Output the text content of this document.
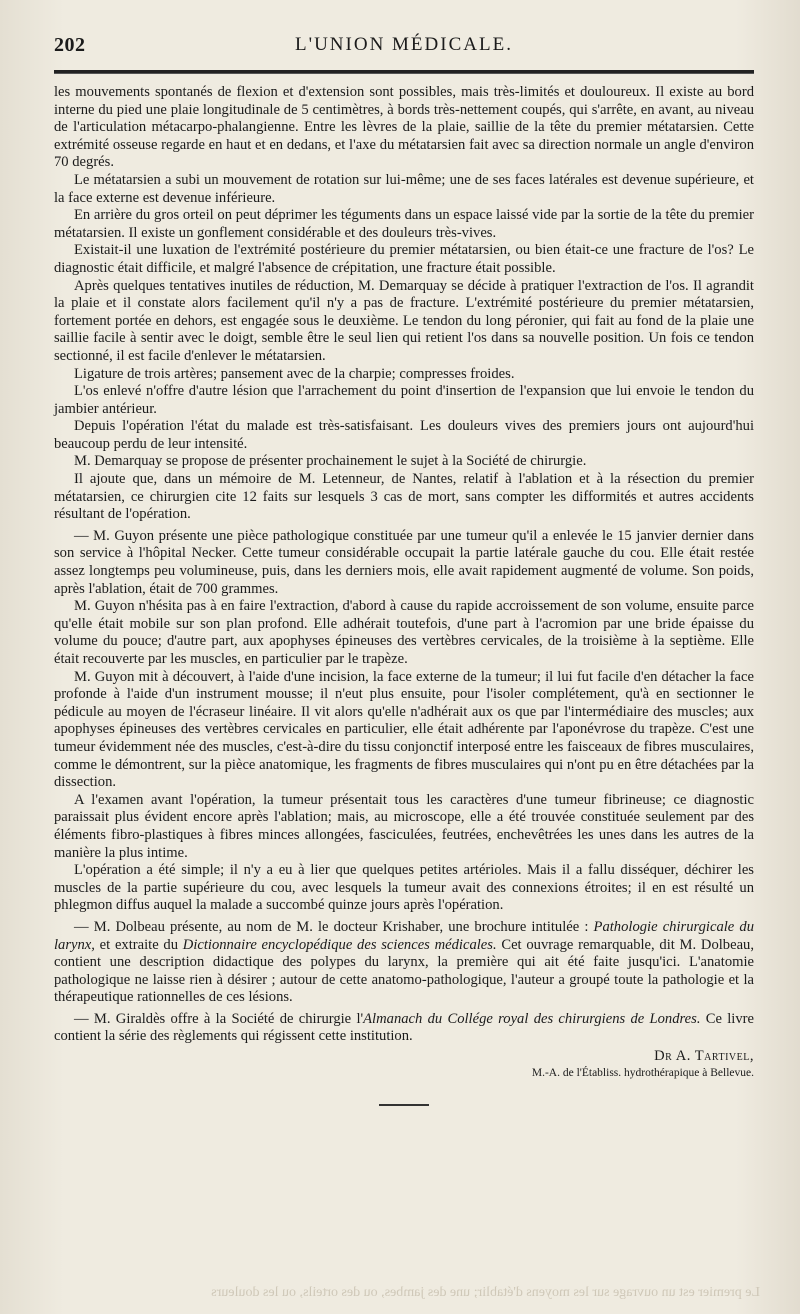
202	L'UNION MÉDICALE.

les mouvements spontanés de flexion et d'extension sont possibles, mais très-limités et douloureux. Il existe au bord interne du pied une plaie longitudinale de 5 centimètres, à bords très-nettement coupés, qui s'arrête, en avant, au niveau de l'articulation métacarpo-phalangienne. Entre les lèvres de la plaie, saillie de la tête du premier métatarsien. Cette extrémité osseuse regarde en haut et en dedans, et l'axe du métatarsien fait avec sa direction normale un angle d'environ 70 degrés.

Le métatarsien a subi un mouvement de rotation sur lui-même; une de ses faces latérales est devenue supérieure, et la face externe est devenue inférieure.

En arrière du gros orteil on peut déprimer les téguments dans un espace laissé vide par la sortie de la tête du premier métatarsien. Il existe un gonflement considérable et des douleurs très-vives.

Existait-il une luxation de l'extrémité postérieure du premier métatarsien, ou bien était-ce une fracture de l'os? Le diagnostic était difficile, et malgré l'absence de crépitation, une fracture était possible.

Après quelques tentatives inutiles de réduction, M. Demarquay se décide à pratiquer l'extraction de l'os. Il agrandit la plaie et il constate alors facilement qu'il n'y a pas de fracture. L'extrémité postérieure du premier métatarsien, fortement portée en dehors, est engagée sous le deuxième. Le tendon du long péronier, qui fait au fond de la plaie une saillie facile à sentir avec le doigt, semble être le seul lien qui retient l'os dans sa nouvelle position. Un fois ce tendon sectionné, il est facile d'enlever le métatarsien.

Ligature de trois artères; pansement avec de la charpie; compresses froides.

L'os enlevé n'offre d'autre lésion que l'arrachement du point d'insertion de l'expansion que lui envoie le tendon du jambier antérieur.

Depuis l'opération l'état du malade est très-satisfaisant. Les douleurs vives des premiers jours ont aujourd'hui beaucoup perdu de leur intensité.

M. Demarquay se propose de présenter prochainement le sujet à la Société de chirurgie.

Il ajoute que, dans un mémoire de M. Letenneur, de Nantes, relatif à l'ablation et à la résection du premier métatarsien, ce chirurgien cite 12 faits sur lesquels 3 cas de mort, sans compter les difformités et autres accidents résultant de l'opération.

— M. Guyon présente une pièce pathologique constituée par une tumeur qu'il a enlevée le 15 janvier dernier dans son service à l'hôpital Necker. Cette tumeur considérable occupait la partie latérale gauche du cou. Elle était restée assez longtemps peu volumineuse, puis, dans les derniers mois, elle avait rapidement augmenté de volume. Son poids, après l'ablation, était de 700 grammes.

M. Guyon n'hésita pas à en faire l'extraction, d'abord à cause du rapide accroissement de son volume, ensuite parce qu'elle était mobile sur son plan profond. Elle adhérait toutefois, d'une part à l'acromion par une bride épaisse du volume du pouce; d'autre part, aux apophyses épineuses des vertèbres cervicales, de la troisième à la septième. Elle était recouverte par les muscles, en particulier par le trapèze.

M. Guyon mit à découvert, à l'aide d'une incision, la face externe de la tumeur; il lui fut facile d'en détacher la face profonde à l'aide d'un instrument mousse; il n'eut plus ensuite, pour l'isoler complétement, qu'à en sectionner le pédicule au moyen de l'écraseur linéaire. Il vit alors qu'elle n'adhérait aux os que par l'intermédiaire des muscles; aux apophyses épineuses des vertèbres cervicales en particulier, elle était adhérente par l'aponévrose du trapèze. C'est une tumeur évidemment née des muscles, c'est-à-dire du tissu conjonctif interposé entre les faisceaux de fibres musculaires, comme le démontrent, sur la pièce anatomique, les fragments de fibres musculaires qui n'ont pu en être détachées par la dissection.

A l'examen avant l'opération, la tumeur présentait tous les caractères d'une tumeur fibrineuse; ce diagnostic paraissait plus évident encore après l'ablation; mais, au microscope, elle a été trouvée constituée seulement par des éléments fibro-plastiques à fibres minces allongées, fasciculées, feutrées, enchevêtrées les unes dans les autres de la manière la plus intime.

L'opération a été simple; il n'y a eu à lier que quelques petites artérioles. Mais il a fallu disséquer, déchirer les muscles de la partie supérieure du cou, avec lesquels la tumeur avait des connexions étroites; il en est résulté un phlegmon diffus auquel la malade a succombé quinze jours après l'opération.

— M. Dolbeau présente, au nom de M. le docteur Krishaber, une brochure intitulée : Pathologie chirurgicale du larynx, et extraite du Dictionnaire encyclopédique des sciences médicales. Cet ouvrage remarquable, dit M. Dolbeau, contient une description didactique des polypes du larynx, la première qui ait été faite jusqu'ici. L'anatomie pathologique ne laisse rien à désirer ; autour de cette anatomo-pathologique, l'auteur a groupé toute la pathologie et la thérapeutique rationnelles de ces lésions.

— M. Giraldès offre à la Société de chirurgie l'Almanach du Collége royal des chirurgiens de Londres. Ce livre contient la série des règlements qui régissent cette institution.

Dr A. Tartivel,
M.-A. de l'Établiss. hydrothérapique à Bellevue.
Le premier est un ouvrage sur les moyens d'établir; une des jambes, ou des orteils, ou les douleurs
